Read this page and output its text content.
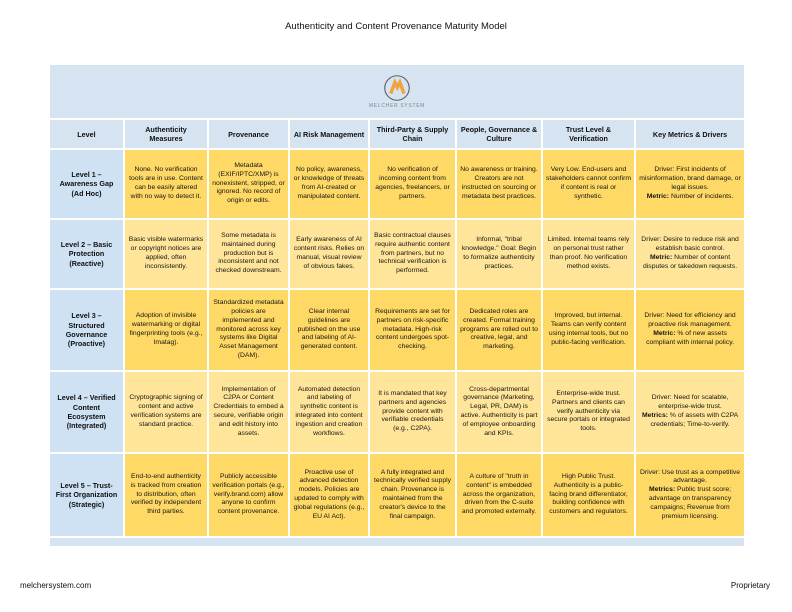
Authenticity and Content Provenance Maturity Model
MELCHER SYSTEM							

Level	Authenticity Measures	Provenance	AI Risk Management	Third-Party & Supply Chain	People, Governance & Culture	Trust Level & Verification	Key Metrics & Drivers
Level 1 – Awareness Gap (Ad Hoc)	None. No verification tools are in use. Content can be easily altered with no way to detect it.	Metadata (EXIF/IPTC/XMP) is nonexistent, stripped, or ignored. No record of origin or edits.	No policy, awareness, or knowledge of threats from AI-created or manipulated content.	No verification of incoming content from agencies, freelancers, or partners.	No awareness or training. Creators are not instructed on sourcing or metadata best practices.	Very Low. End-users and stakeholders cannot confirm if content is real or synthetic.	Driver: First incidents of misinformation, brand damage, or legal issues.
Metric: Number of incidents.

Level 2 – Basic Protection (Reactive)	Basic visible watermarks or copyright notices are applied, often inconsistently.	Some metadata is maintained during production but is inconsistent and not checked downstream.	Early awareness of AI content risks. Relies on manual, visual review of obvious fakes.	Basic contractual clauses require authentic content from partners, but no technical verification is performed.	Informal, "tribal knowledge." Goal: Begin to formalize authenticity practices.	Limited. Internal teams rely on personal trust rather than proof. No verification method exists.	Driver: Desire to reduce risk and establish basic control.
Metric: Number of content disputes or takedown requests.

Level 3 – Structured Governance (Proactive)	Adoption of invisible watermarking or digital fingerprinting tools (e.g., Imatag).	Standardized metadata policies are implemented and monitored across key systems like Digital Asset Management (DAM).	Clear internal guidelines are published on the use and labeling of AI-generated content.	Requirements are set for partners on risk-specific metadata. High-risk content undergoes spot-checking.	Dedicated roles are created. Formal training programs are rolled out to creative, legal, and marketing.	Improved, but internal. Teams can verify content using internal tools, but no public-facing verification.	Driver: Need for efficiency and proactive risk management.
Metric: % of new assets compliant with internal policy.

Level 4 – Verified Content Ecosystem (Integrated)	Cryptographic signing of content and active verification systems are standard practice.	Implementation of C2PA or Content Credentials to embed a secure, verifiable origin and edit history into assets.	Automated detection and labeling of synthetic content is integrated into content ingestion and creation workflows.	It is mandated that key partners and agencies provide content with verifiable credentials (e.g., C2PA).	Cross-departmental governance (Marketing, Legal, PR, DAM) is active. Authenticity is part of employee onboarding and KPIs.	Enterprise-wide trust. Partners and clients can verify authenticity via secure portals or integrated tools.	Driver: Need for scalable, enterprise-wide trust.
Metrics: % of assets with C2PA credentials; Time-to-verify.

Level 5 – Trust-First Organization (Strategic)	End-to-end authenticity is tracked from creation to distribution, often verified by independent third parties.	Publicly accessible verification portals (e.g., verify.brand.com) allow anyone to confirm content provenance.	Proactive use of advanced detection models. Policies are updated to comply with global regulations (e.g., EU AI Act).	A fully integrated and technically verified supply chain. Provenance is maintained from the creator's device to the final campaign.	A culture of "truth in content" is embedded across the organization, driven from the C-suite and promoted externally.	High Public Trust. Authenticity is a public-facing brand differentiator, building confidence with customers and regulators.	Driver: Use trust as a competitive advantage.
Metrics: Public trust score; advantage on transparency campaigns; Revenue from premium licensing.

melchersystem.com	Proprietary
